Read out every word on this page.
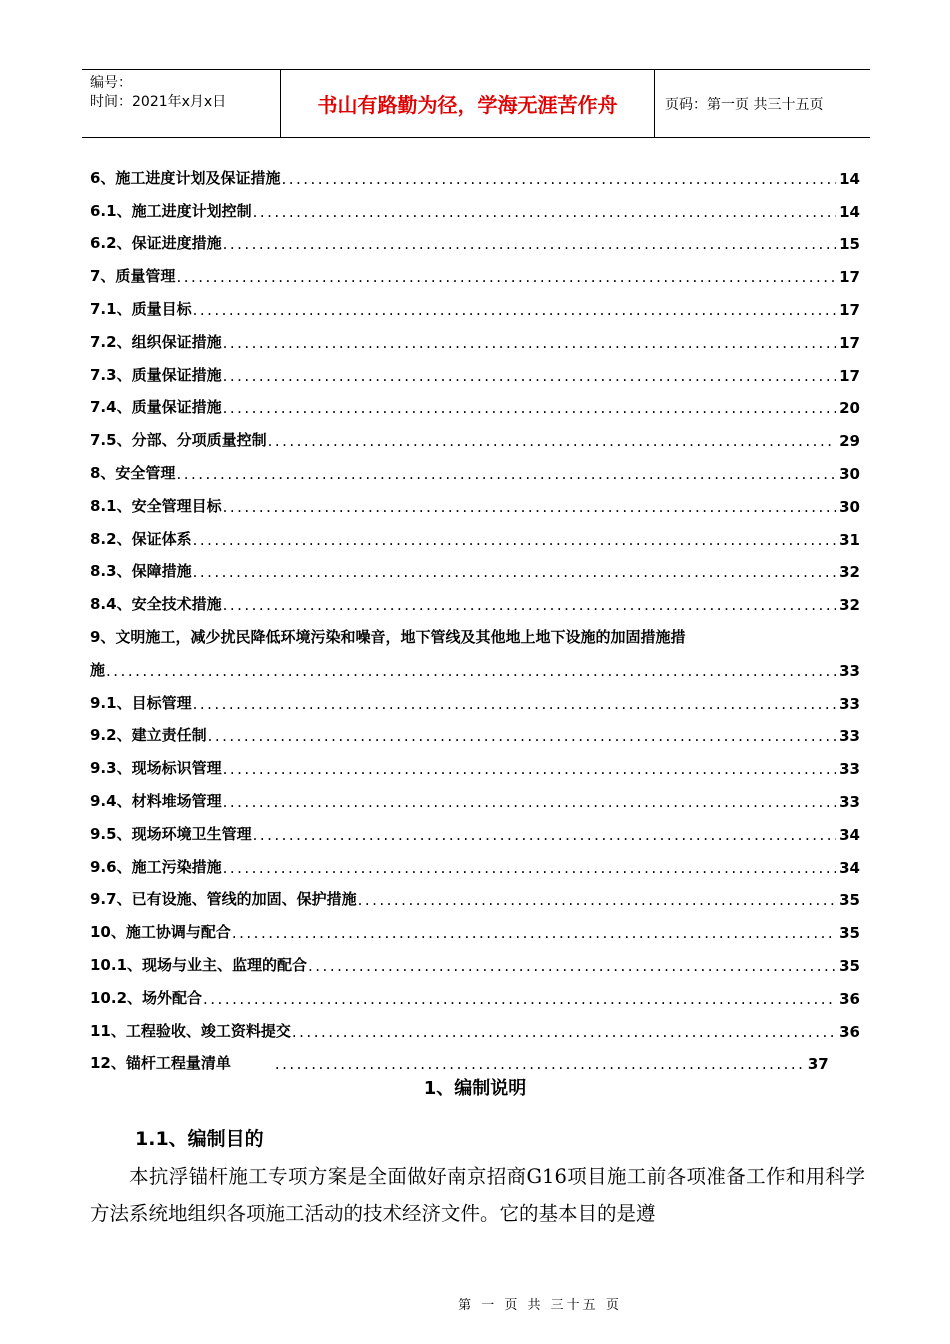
编号：
时间：2021年x月x日	书山有路勤为径，学海无涯苦作舟	页码：第一页 共三十五页
6、施工进度计划及保证措施 .....	14
6.1、施工进度计划控制 .....	14
6.2、保证进度措施 .....	15
7、质量管理 .....	17
7.1、质量目标 .....	17
7.2、组织保证措施 .....	17
7.3、质量保证措施 .....	17
7.4、质量保证措施 .....	20
7.5、分部、分项质量控制 .....	29
8、安全管理 .....	30
8.1、安全管理目标 .....	30
8.2、保证体系 .....	31
8.3、保障措施 .....	32
8.4、安全技术措施 .....	32
9、文明施工，减少扰民降低环境污染和噪音，地下管线及其他地上地下设施的加固措施措
施 .....	33
9.1、目标管理 .....	33
9.2、建立责任制 .....	33
9.3、现场标识管理 .....	33
9.4、材料堆场管理 .....	33
9.5、现场环境卫生管理 .....	34
9.6、施工污染措施 .....	34
9.7、已有设施、管线的加固、保护措施 .....	35
10、施工协调与配合 .....	35
10.1、现场与业主、监理的配合 .....	35
10.2、场外配合 .....	36
11、工程验收、竣工资料提交 .....	36
12、锚杆工程量清单 .....	37
1、编制说明
1.1、编制目的
本抗浮锚杆施工专项方案是全面做好南京招商G16项目施工前各项准备工作和用科学方法系统地组织各项施工活动的技术经济文件。它的基本目的是遵
第 一 页 共 三十五 页
